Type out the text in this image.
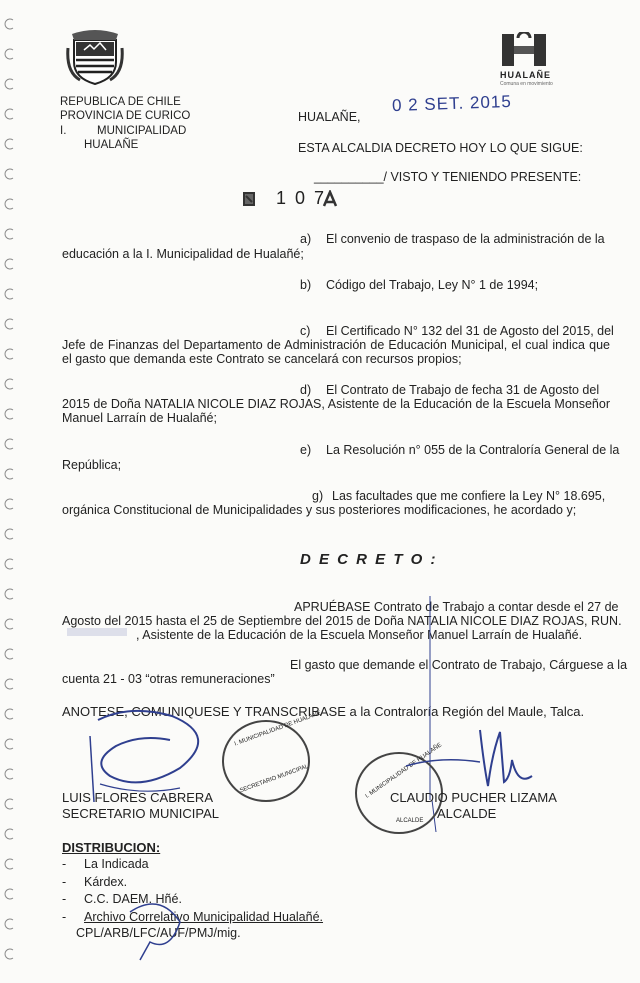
HUALAÑE
Comuna en movimiento
REPUBLICA DE CHILE
PROVINCIA DE CURICO
I.	MUNICIPALIDAD
HUALAÑE
HUALAÑE,
0 2 SET. 2015
ESTA ALCALDIA DECRETO HOY LO QUE SIGUE:
__________/ VISTO Y TENIENDO PRESENTE:
1 0 7
a) El convenio de traspaso de la administración de la
educación a la I. Municipalidad de Hualañé;
b) Código del Trabajo, Ley N° 1 de 1994;
c) El Certificado N° 132 del 31 de Agosto del 2015, del
Jefe de Finanzas del Departamento de Administración de Educación Municipal, el cual indica que el gasto que demanda este Contrato se cancelará con recursos propios;
d) El Contrato de Trabajo de fecha 31 de Agosto del
2015 de Doña NATALIA NICOLE DIAZ ROJAS, Asistente de la Educación de la Escuela Monseñor Manuel Larraín de Hualañé;
e) La Resolución n° 055 de la Contraloría General de la
República;
g) Las facultades que me confiere la Ley N° 18.695,
orgánica Constitucional de Municipalidades y sus posteriores modificaciones, he acordado y;
D E C R E T O :
APRUÉBASE Contrato de Trabajo a contar desde el 27 de
Agosto del 2015 hasta el 25 de Septiembre del 2015 de Doña NATALIA NICOLE DIAZ ROJAS, RUN.
, Asistente de la Educación de la Escuela Monseñor Manuel Larraín de Hualañé.
El gasto que demande el Contrato de Trabajo, Cárguese a la
cuenta 21 - 03 “otras remuneraciones”
ANOTESE, COMUNIQUESE Y TRANSCRIBASE a la Contraloría Región del Maule, Talca.
I. MUNICIPALIDAD DE HUALAÑE
SECRETARIO MUNICIPAL	I. MUNICIPALIDAD DE HUALAÑE
ALCALDE
LUIS FLORES CABRERA
SECRETARIO MUNICIPAL
CLAUDIO PUCHER LIZAMA
ALCALDE
DISTRIBUCION:
- La Indicada
- Kárdex.
- C.C. DAEM. Hñé.
- Archivo Correlativo Municipalidad Hualañé.
CPL/ARB/LFC/AUF/PMJ/mig.
